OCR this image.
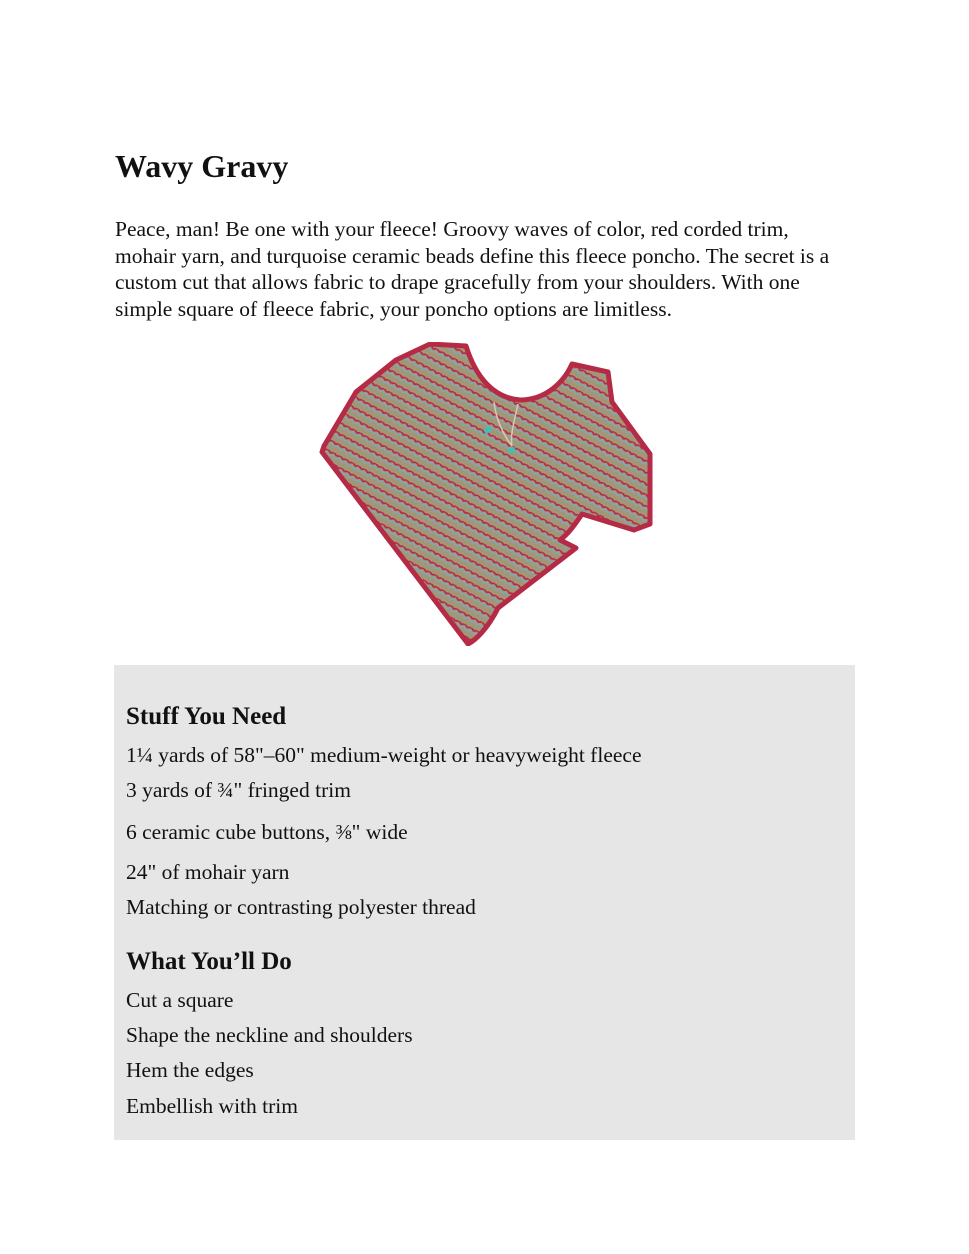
Wavy Gravy

Peace, man! Be one with your fleece! Groovy waves of color, red corded trim, mohair yarn, and turquoise ceramic beads define this fleece poncho. The secret is a custom cut that allows fabric to drape gracefully from your shoulders. With one simple square of fleece fabric, your poncho options are limitless.

Stuff You Need

1¼ yards of 58"–60" medium-weight or heavyweight fleece

3 yards of ¾" fringed trim

6 ceramic cube buttons, ⅜" wide

24" of mohair yarn

Matching or contrasting polyester thread

What You’ll Do

Cut a square

Shape the neckline and shoulders

Hem the edges

Embellish with trim
